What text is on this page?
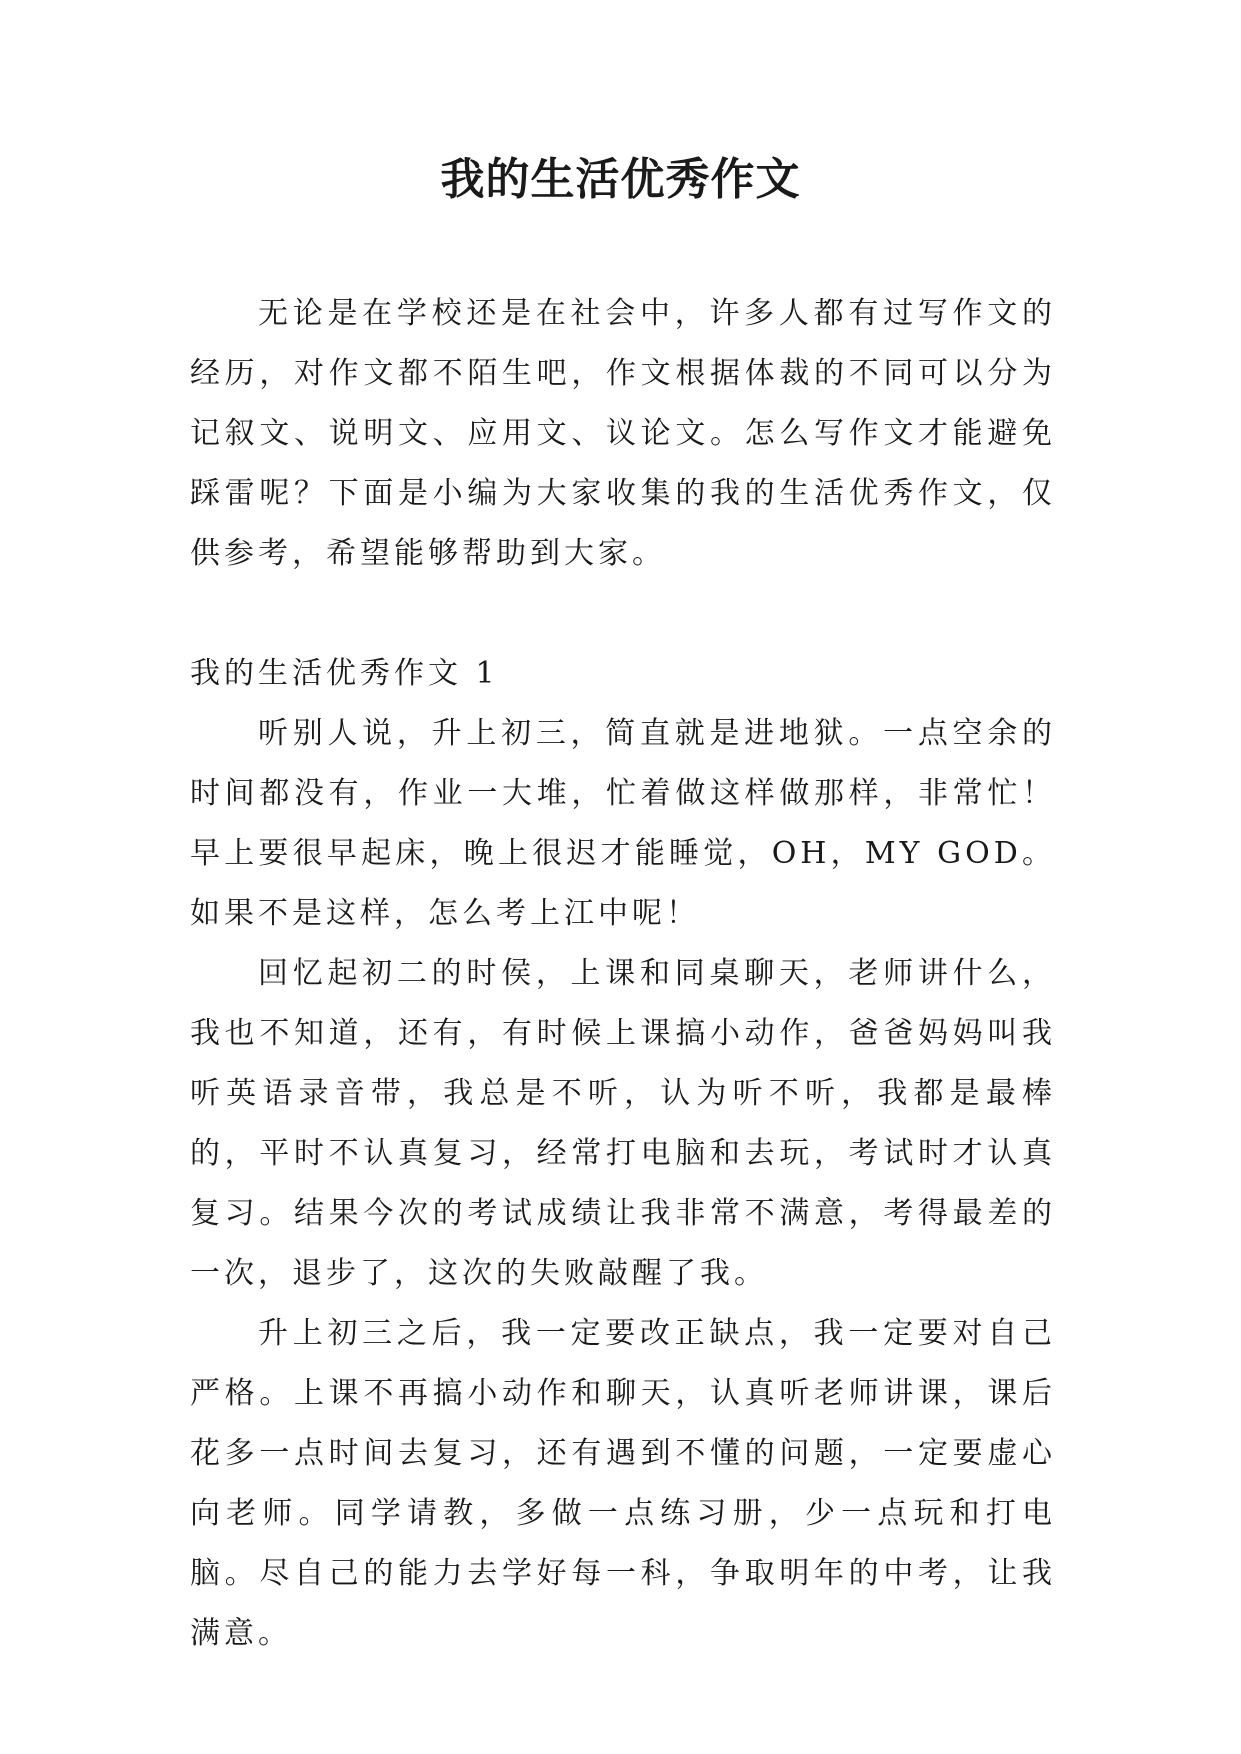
我的生活优秀作文

无论是在学校还是在社会中，许多人都有过写作文的经历，对作文都不陌生吧，作文根据体裁的不同可以分为记叙文、说明文、应用文、议论文。怎么写作文才能避免踩雷呢？下面是小编为大家收集的我的生活优秀作文，仅供参考，希望能够帮助到大家。

我的生活优秀作文 1

听别人说，升上初三，简直就是进地狱。一点空余的时间都没有，作业一大堆，忙着做这样做那样，非常忙！早上要很早起床，晚上很迟才能睡觉，OH，MY GOD。如果不是这样，怎么考上江中呢！

回忆起初二的时侯，上课和同桌聊天，老师讲什么，我也不知道，还有，有时候上课搞小动作，爸爸妈妈叫我听英语录音带，我总是不听，认为听不听，我都是最棒的，平时不认真复习，经常打电脑和去玩，考试时才认真复习。结果今次的考试成绩让我非常不满意，考得最差的一次，退步了，这次的失败敲醒了我。

升上初三之后，我一定要改正缺点，我一定要对自己严格。上课不再搞小动作和聊天，认真听老师讲课，课后花多一点时间去复习，还有遇到不懂的问题，一定要虚心向老师。同学请教，多做一点练习册，少一点玩和打电脑。尽自己的能力去学好每一科，争取明年的中考，让我满意。
